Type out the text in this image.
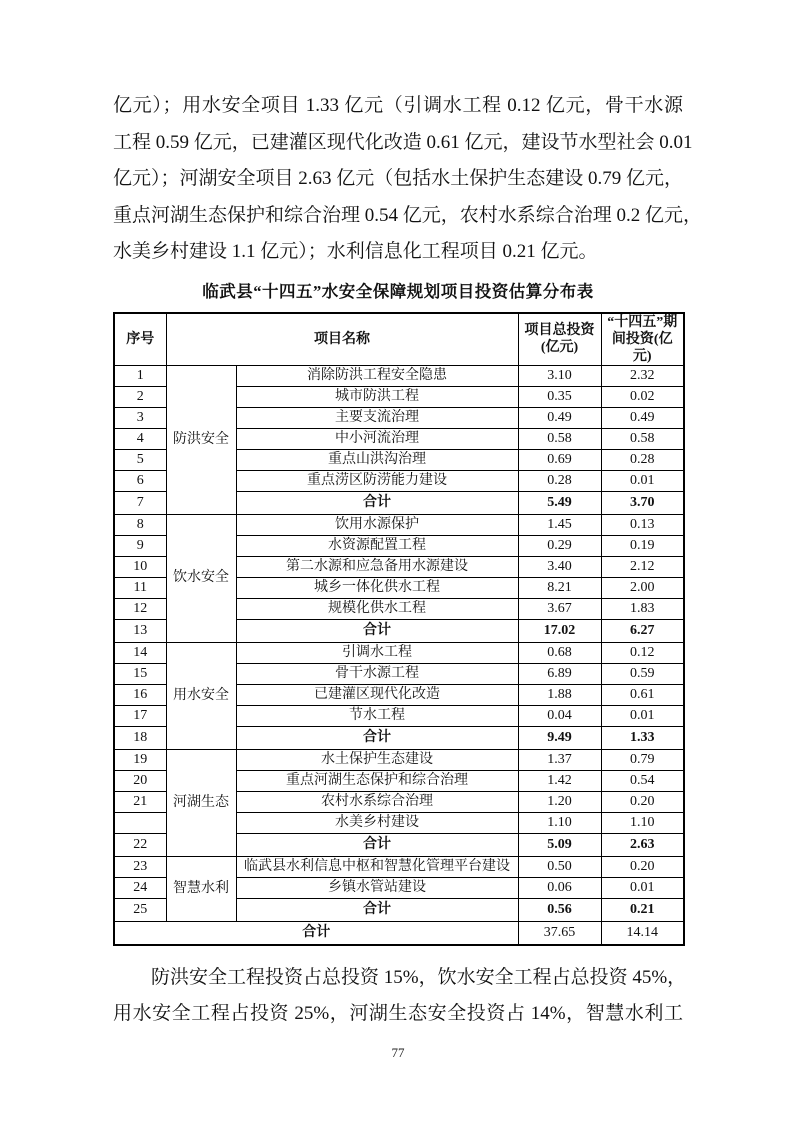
亿元）；用水安全项目 1.33 亿元（引调水工程 0.12 亿元，骨干水源
工程 0.59 亿元，已建灌区现代化改造 0.61 亿元，建设节水型社会 0.01
亿元）；河湖安全项目 2.63 亿元（包括水土保护生态建设 0.79 亿元，
重点河湖生态保护和综合治理 0.54 亿元，农村水系综合治理 0.2 亿元，
水美乡村建设 1.1 亿元）；水利信息化工程项目 0.21 亿元。
临武县“十四五”水安全保障规划项目投资估算分布表
序号	项目名称		项目总投资(亿元)	“十四五”期间投资(亿元)
1	防洪安全	消除防洪工程安全隐患	3.10	2.32
2		城市防洪工程	0.35	0.02
3		主要支流治理	0.49	0.49
4		中小河流治理	0.58	0.58
5		重点山洪沟治理	0.69	0.28
6		重点涝区防涝能力建设	0.28	0.01
7		合计	5.49	3.70
8	饮水安全	饮用水源保护	1.45	0.13
9		水资源配置工程	0.29	0.19
10		第二水源和应急备用水源建设	3.40	2.12
11		城乡一体化供水工程	8.21	2.00
12		规模化供水工程	3.67	1.83
13		合计	17.02	6.27
14	用水安全	引调水工程	0.68	0.12
15		骨干水源工程	6.89	0.59
16		已建灌区现代化改造	1.88	0.61
17		节水工程	0.04	0.01
18		合计	9.49	1.33
19	河湖生态	水土保护生态建设	1.37	0.79
20		重点河湖生态保护和综合治理	1.42	0.54
21		农村水系综合治理	1.20	0.20
		水美乡村建设	1.10	1.10
22		合计	5.09	2.63
23	智慧水利	临武县水利信息中枢和智慧化管理平台建设	0.50	0.20
24		乡镇水管站建设	0.06	0.01
25		合计	0.56	0.21
合计			37.65	14.14
防洪安全工程投资占总投资 15%，饮水安全工程占总投资 45%，
用水安全工程占投资 25%，河湖生态安全投资占 14%，智慧水利工
77
